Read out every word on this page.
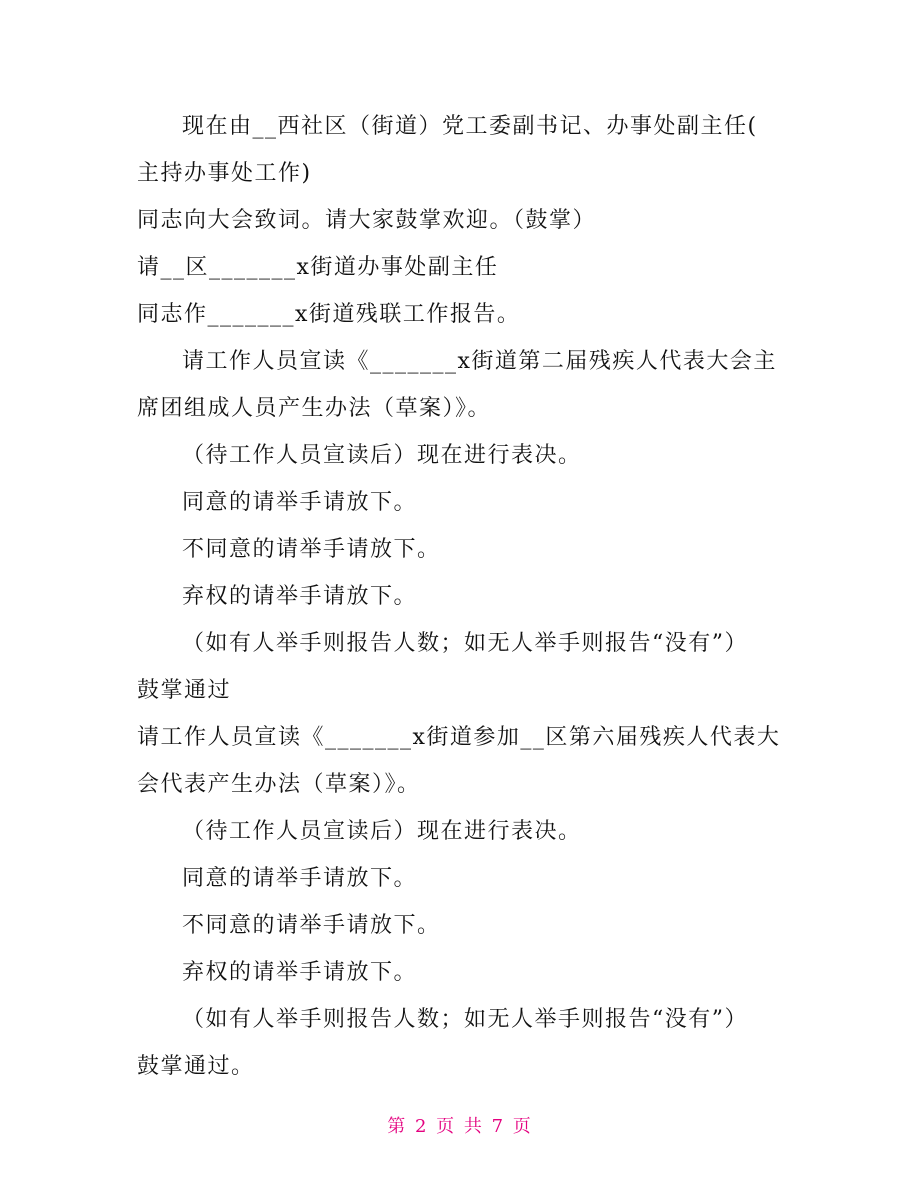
现在由__西社区（街道）党工委副书记、办事处副主任(
主持办事处工作)
同志向大会致词。请大家鼓掌欢迎。（鼓掌）
请__区_______x街道办事处副主任
同志作_______x街道残联工作报告。
请工作人员宣读《_______x街道第二届残疾人代表大会主
席团组成人员产生办法（草案）》。
（待工作人员宣读后）现在进行表决。
同意的请举手请放下。
不同意的请举手请放下。
弃权的请举手请放下。
（如有人举手则报告人数；如无人举手则报告“没有”）
鼓掌通过
请工作人员宣读《_______x街道参加__区第六届残疾人代表大
会代表产生办法（草案）》。
（待工作人员宣读后）现在进行表决。
同意的请举手请放下。
不同意的请举手请放下。
弃权的请举手请放下。
（如有人举手则报告人数；如无人举手则报告“没有”）
鼓掌通过。
第 2 页 共 7 页
